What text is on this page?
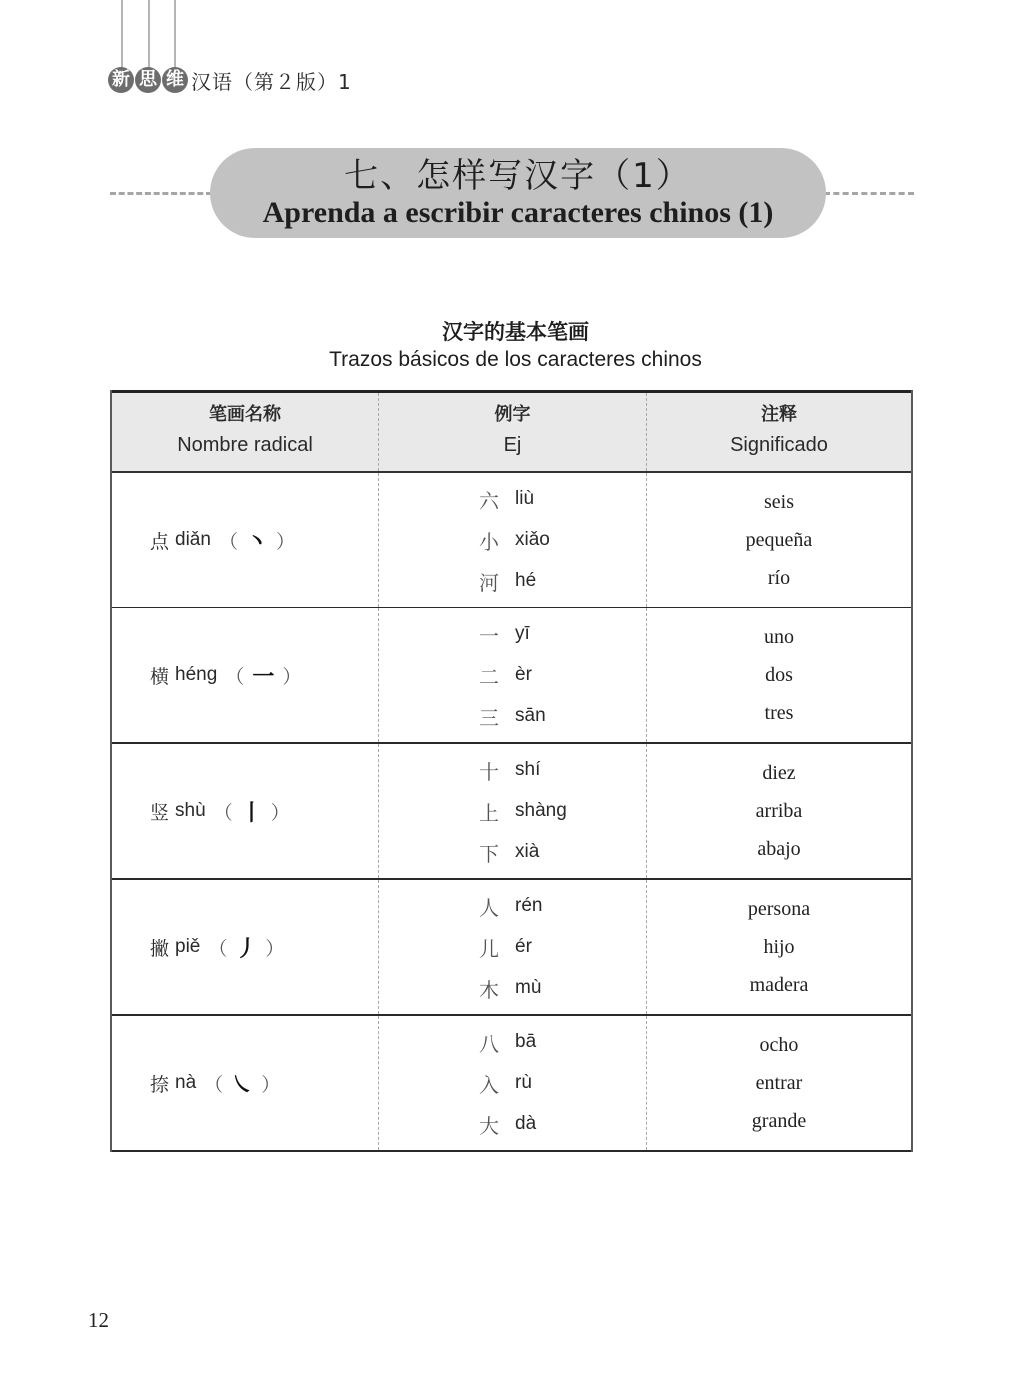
新 思 维 汉语（第２版）1
七、怎样写汉字（1）
Aprenda a escribir caracteres chinos (1)
汉字的基本笔画
Trazos básicos de los caracteres chinos
笔画名称
Nombre radical
例字
Ej
注释
Significado
点 diǎn （ 丶 ）
六 liù
小 xiǎo
河 hé
seis
pequeña
río
横 héng （ 一 ）
一 yī
二 èr
三 sān
uno
dos
tres
竖 shù （ 丨 ）
十 shí
上 shàng
下 xià
diez
arriba
abajo
撇 piě （ 丿 ）
人 rén
儿 ér
木 mù
persona
hijo
madera
捺 nà （ ㇏ ）
八 bā
入 rù
大 dà
ocho
entrar
grande
12
